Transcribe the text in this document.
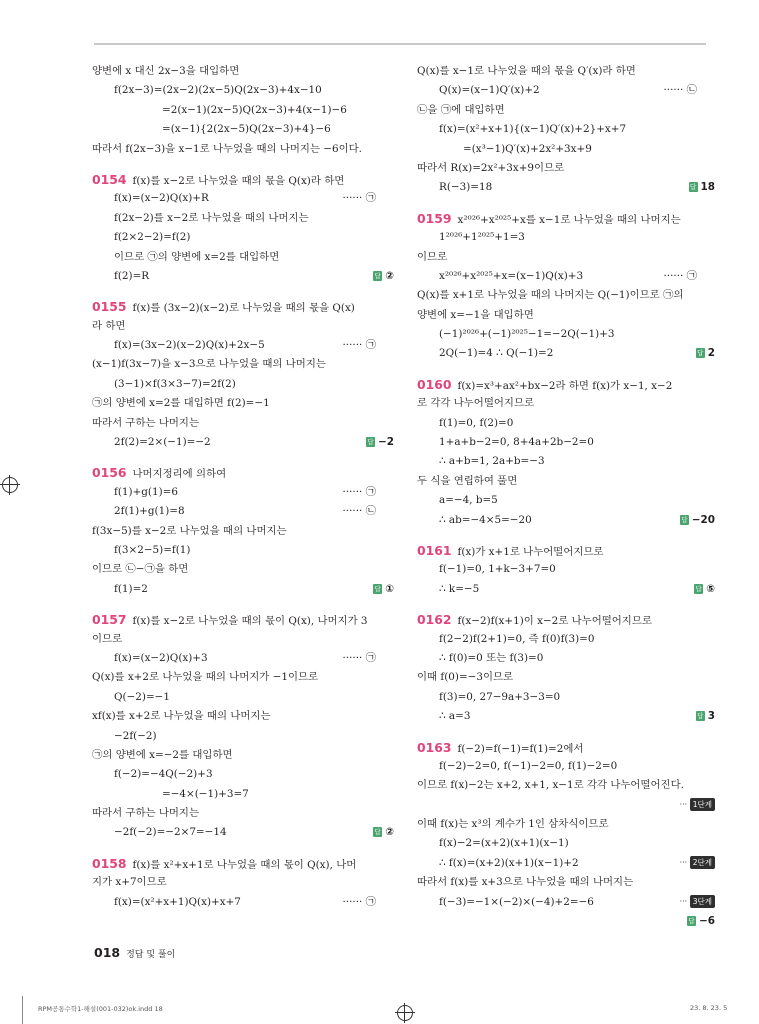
양변에 x 대신 2x−3을 대입하면
f(2x−3)=(2x−2)(2x−5)Q(2x−3)+4x−10
=2(x−1)(2x−5)Q(2x−3)+4(x−1)−6
=(x−1){2(2x−5)Q(2x−3)+4}−6
따라서 f(2x−3)을 x−1로 나누었을 때의 나머지는 −6이다.
0154 f(x)를 x−2로 나누었을 때의 몫을 Q(x)라 하면
f(x)=(x−2)Q(x)+R	······ ㉠
f(2x−2)를 x−2로 나누었을 때의 나머지는
f(2×2−2)=f(2)
이므로 ㉠의 양변에 x=2를 대입하면
f(2)=R	답 ②
0155 f(x)를 (3x−2)(x−2)로 나누었을 때의 몫을 Q(x)
라 하면
f(x)=(3x−2)(x−2)Q(x)+2x−5	······ ㉠
(x−1)f(3x−7)을 x−3으로 나누었을 때의 나머지는
(3−1)×f(3×3−7)=2f(2)
㉠의 양변에 x=2를 대입하면 f(2)=−1
따라서 구하는 나머지는
2f(2)=2×(−1)=−2	답 −2
0156 나머지정리에 의하여
f(1)+g(1)=6	······ ㉠
2f(1)+g(1)=8	······ ㉡
f(3x−5)를 x−2로 나누었을 때의 나머지는
f(3×2−5)=f(1)
이므로 ㉡−㉠을 하면
f(1)=2	답 ①
0157 f(x)를 x−2로 나누었을 때의 몫이 Q(x), 나머지가 3
이므로
f(x)=(x−2)Q(x)+3	······ ㉠
Q(x)를 x+2로 나누었을 때의 나머지가 −1이므로
Q(−2)=−1
xf(x)를 x+2로 나누었을 때의 나머지는
−2f(−2)
㉠의 양변에 x=−2를 대입하면
f(−2)=−4Q(−2)+3
=−4×(−1)+3=7
따라서 구하는 나머지는
−2f(−2)=−2×7=−14	답 ②
0158 f(x)를 x²+x+1로 나누었을 때의 몫이 Q(x), 나머
지가 x+7이므로
f(x)=(x²+x+1)Q(x)+x+7	······ ㉠
Q(x)를 x−1로 나누었을 때의 몫을 Q′(x)라 하면
Q(x)=(x−1)Q′(x)+2	······ ㉡
㉡을 ㉠에 대입하면
f(x)=(x²+x+1){(x−1)Q′(x)+2}+x+7
=(x³−1)Q′(x)+2x²+3x+9
따라서 R(x)=2x²+3x+9이므로
R(−3)=18	답 18
0159 x²⁰²⁶+x²⁰²⁵+x를 x−1로 나누었을 때의 나머지는
1²⁰²⁶+1²⁰²⁵+1=3
이므로
x²⁰²⁶+x²⁰²⁵+x=(x−1)Q(x)+3	······ ㉠
Q(x)를 x+1로 나누었을 때의 나머지는 Q(−1)이므로 ㉠의
양변에 x=−1을 대입하면
(−1)²⁰²⁶+(−1)²⁰²⁵−1=−2Q(−1)+3
2Q(−1)=4 ∴ Q(−1)=2	답 2
0160 f(x)=x³+ax²+bx−2라 하면 f(x)가 x−1, x−2
로 각각 나누어떨어지므로
f(1)=0, f(2)=0
1+a+b−2=0, 8+4a+2b−2=0
∴ a+b=1, 2a+b=−3
두 식을 연립하여 풀면
a=−4, b=5
∴ ab=−4×5=−20	답 −20
0161 f(x)가 x+1로 나누어떨어지므로
f(−1)=0, 1+k−3+7=0
∴ k=−5	답 ⑤
0162 f(x−2)f(x+1)이 x−2로 나누어떨어지므로
f(2−2)f(2+1)=0, 즉 f(0)f(3)=0
∴ f(0)=0 또는 f(3)=0
이때 f(0)=−3이므로
f(3)=0, 27−9a+3−3=0
∴ a=3	답 3
0163 f(−2)=f(−1)=f(1)=2에서
f(−2)−2=0, f(−1)−2=0, f(1)−2=0
이므로 f(x)−2는 x+2, x+1, x−1로 각각 나누어떨어진다.
··· 1단계
이때 f(x)는 x³의 계수가 1인 삼차식이므로
f(x)−2=(x+2)(x+1)(x−1)
∴ f(x)=(x+2)(x+1)(x−1)+2	··· 2단계
따라서 f(x)를 x+3으로 나누었을 때의 나머지는
f(−3)=−1×(−2)×(−4)+2=−6	··· 3단계
답 −6
018 정답 및 풀이
RPM공통수학1-해설(001-032)ok.indd 18	23. 8. 23. 5
